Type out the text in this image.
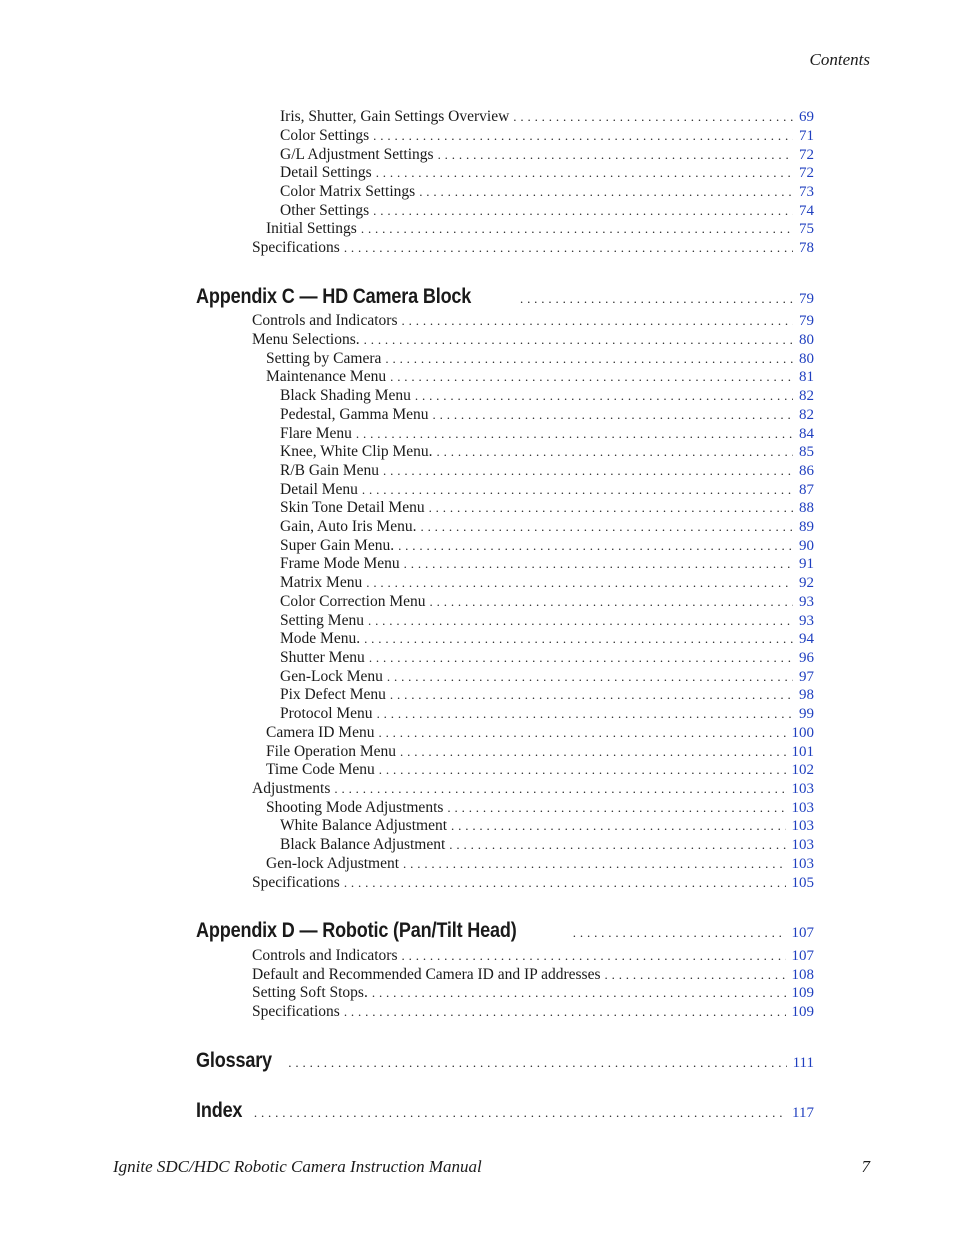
Contents
Iris, Shutter, Gain Settings Overview . . .	69
Color Settings . . .	71
G/L Adjustment Settings . . .	72
Detail Settings . . .	72
Color Matrix Settings . . .	73
Other Settings . . .	74
Initial Settings . . .	75
Specifications . . .	78
Appendix C — HD Camera Block . . .	79
Controls and Indicators . . .	79
Menu Selections. . . .	80
Setting by Camera . . .	80
Maintenance Menu . . .	81
Black Shading Menu . . .	82
Pedestal, Gamma Menu . . .	82
Flare Menu . . .	84
Knee, White Clip Menu. . . .	85
R/B Gain Menu . . .	86
Detail Menu . . .	87
Skin Tone Detail Menu . . .	88
Gain, Auto Iris Menu. . . .	89
Super Gain Menu. . . .	90
Frame Mode Menu . . .	91
Matrix Menu . . .	92
Color Correction Menu . . .	93
Setting Menu . . .	93
Mode Menu. . . .	94
Shutter Menu . . .	96
Gen-Lock Menu . . .	97
Pix Defect Menu . . .	98
Protocol Menu . . .	99
Camera ID Menu . . .	100
File Operation Menu . . .	101
Time Code Menu . . .	102
Adjustments . . .	103
Shooting Mode Adjustments . . .	103
White Balance Adjustment . . .	103
Black Balance Adjustment . . .	103
Gen-lock Adjustment . . .	103
Specifications . . .	105
Appendix D — Robotic (Pan/Tilt Head) . . .	107
Controls and Indicators . . .	107
Default and Recommended Camera ID and IP addresses . . .	108
Setting Soft Stops. . . .	109
Specifications . . .	109
Glossary . . .	111
Index . . .	117
Ignite SDC/HDC Robotic Camera Instruction Manual	7
